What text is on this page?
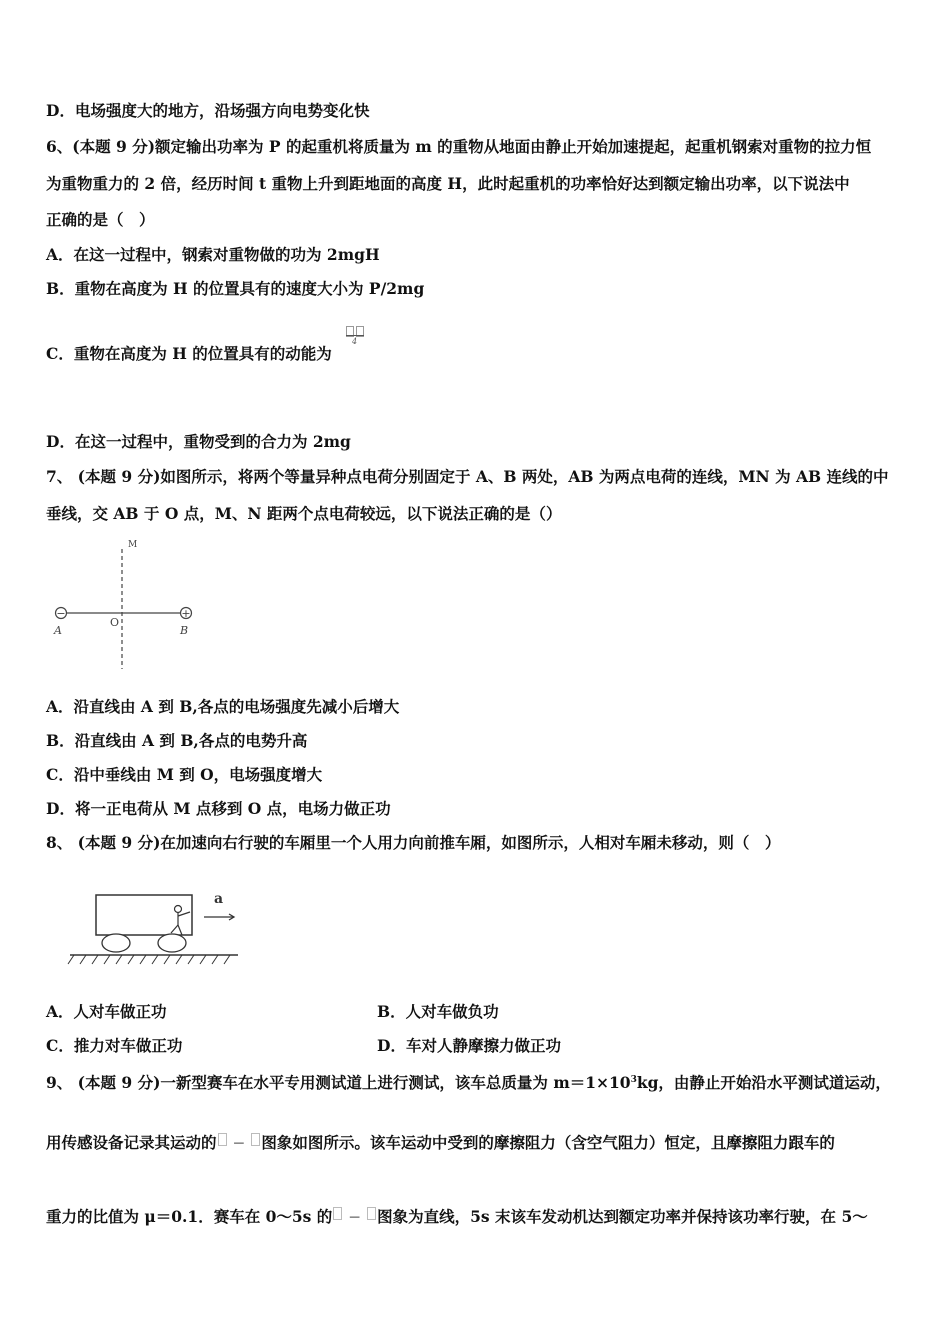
D．电场强度大的地方，沿场强方向电势变化快
6、(本题 9 分)额定输出功率为 P 的起重机将质量为 m 的重物从地面由静止开始加速提起，起重机钢索对重物的拉力恒
为重物重力的 2 倍，经历时间 t 重物上升到距地面的高度 H，此时起重机的功率恰好达到额定输出功率，以下说法中
正确的是（　）
A．在这一过程中，钢索对重物做的功为 2mgH
B．重物在高度为 H 的位置具有的速度大小为 P/2mg
C．重物在高度为 H 的位置具有的动能为
4
D．在这一过程中，重物受到的合力为 2mg
7、 (本题 9 分)如图所示，将两个等量异种点电荷分别固定于 A、B 两处，AB 为两点电荷的连线，MN 为 AB 连线的中
垂线，交 AB 于 O 点，M、N 距两个点电荷较远，以下说法正确的是（）
−	+
M
A
O
B
A．沿直线由 A 到 B,各点的电场强度先减小后增大
B．沿直线由 A 到 B,各点的电势升高
C．沿中垂线由 M 到 O，电场强度增大
D．将一正电荷从 M 点移到 O 点，电场力做正功
8、 (本题 9 分)在加速向右行驶的车厢里一个人用力向前推车厢，如图所示，人相对车厢未移动，则（　）
a
A．人对车做正功	B．人对车做负功
C．推力对车做正功	D．车对人静摩擦力做正功
9、 (本题 9 分)一新型赛车在水平专用测试道上进行测试，该车总质量为 $m=1\times 10^3kg$，由静止开始沿水平测试道运动，
用传感设备记录其运动的 − 图象如图所示。该车运动中受到的摩擦阻力（含空气阻力）恒定，且摩擦阻力跟车的
重力的比值为 μ＝0.1．赛车在 0～5s 的 − 图象为直线，5s 末该车发动机达到额定功率并保持该功率行驶，在 5～
